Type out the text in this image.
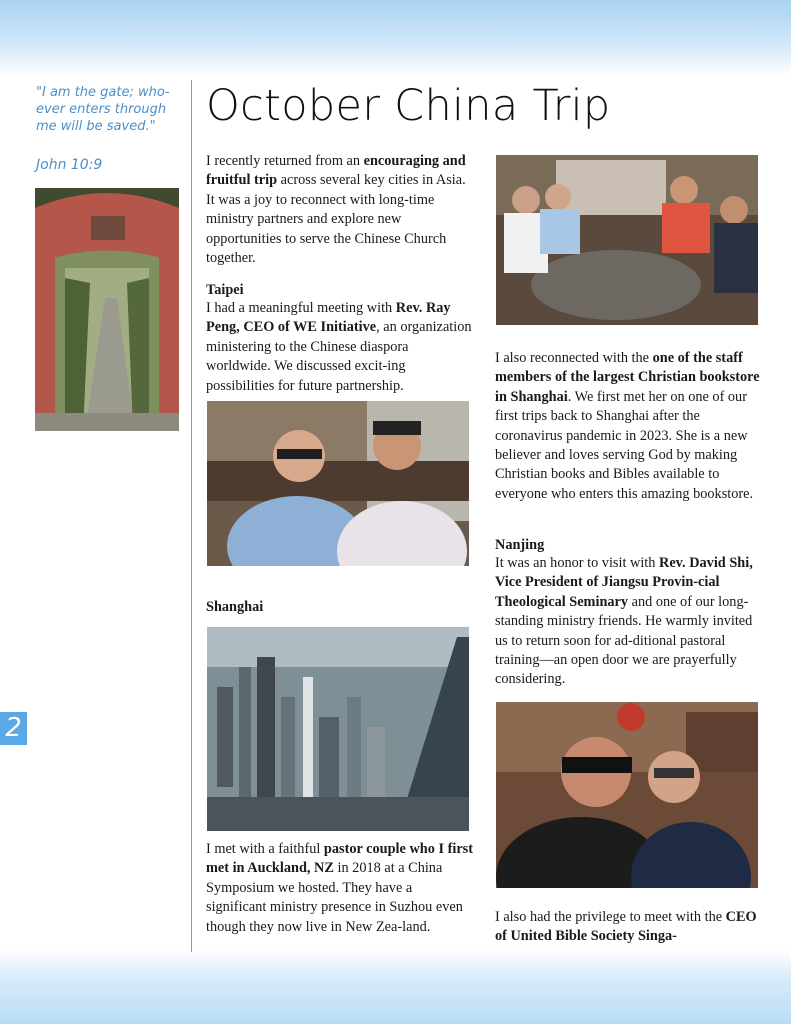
"I am the gate; who-ever enters through me will be saved."
John 10:9
2
October China Trip

I recently returned from an encouraging and fruitful trip across several key cities in Asia. It was a joy to reconnect with long-time ministry partners and explore new opportunities to serve the Chinese Church together.

Taipei

I had a meaningful meeting with Rev. Ray Peng, CEO of WE Initiative, an organization ministering to the Chinese diaspora worldwide. We discussed excit-ing possibilities for future partnership.

Shanghai

I met with a faithful pastor couple who I first met in Auckland, NZ in 2018 at a China Symposium we hosted. They have a significant ministry presence in Suzhou even though they now live in New Zea-land.

I also reconnected with the one of the staff members of the largest Christian bookstore in Shanghai. We first met her on one of our first trips back to Shanghai after the coronavirus pandemic in 2023. She is a new believer and loves serving God by making Christian books and Bibles available to everyone who enters this amazing bookstore.

Nanjing

It was an honor to visit with Rev. David Shi, Vice President of Jiangsu Provin-cial Theological Seminary and one of our long-standing ministry friends. He warmly invited us to return soon for ad-ditional pastoral training—an open door we are prayerfully considering.

I also had the privilege to meet with the CEO of United Bible Society Singa-
